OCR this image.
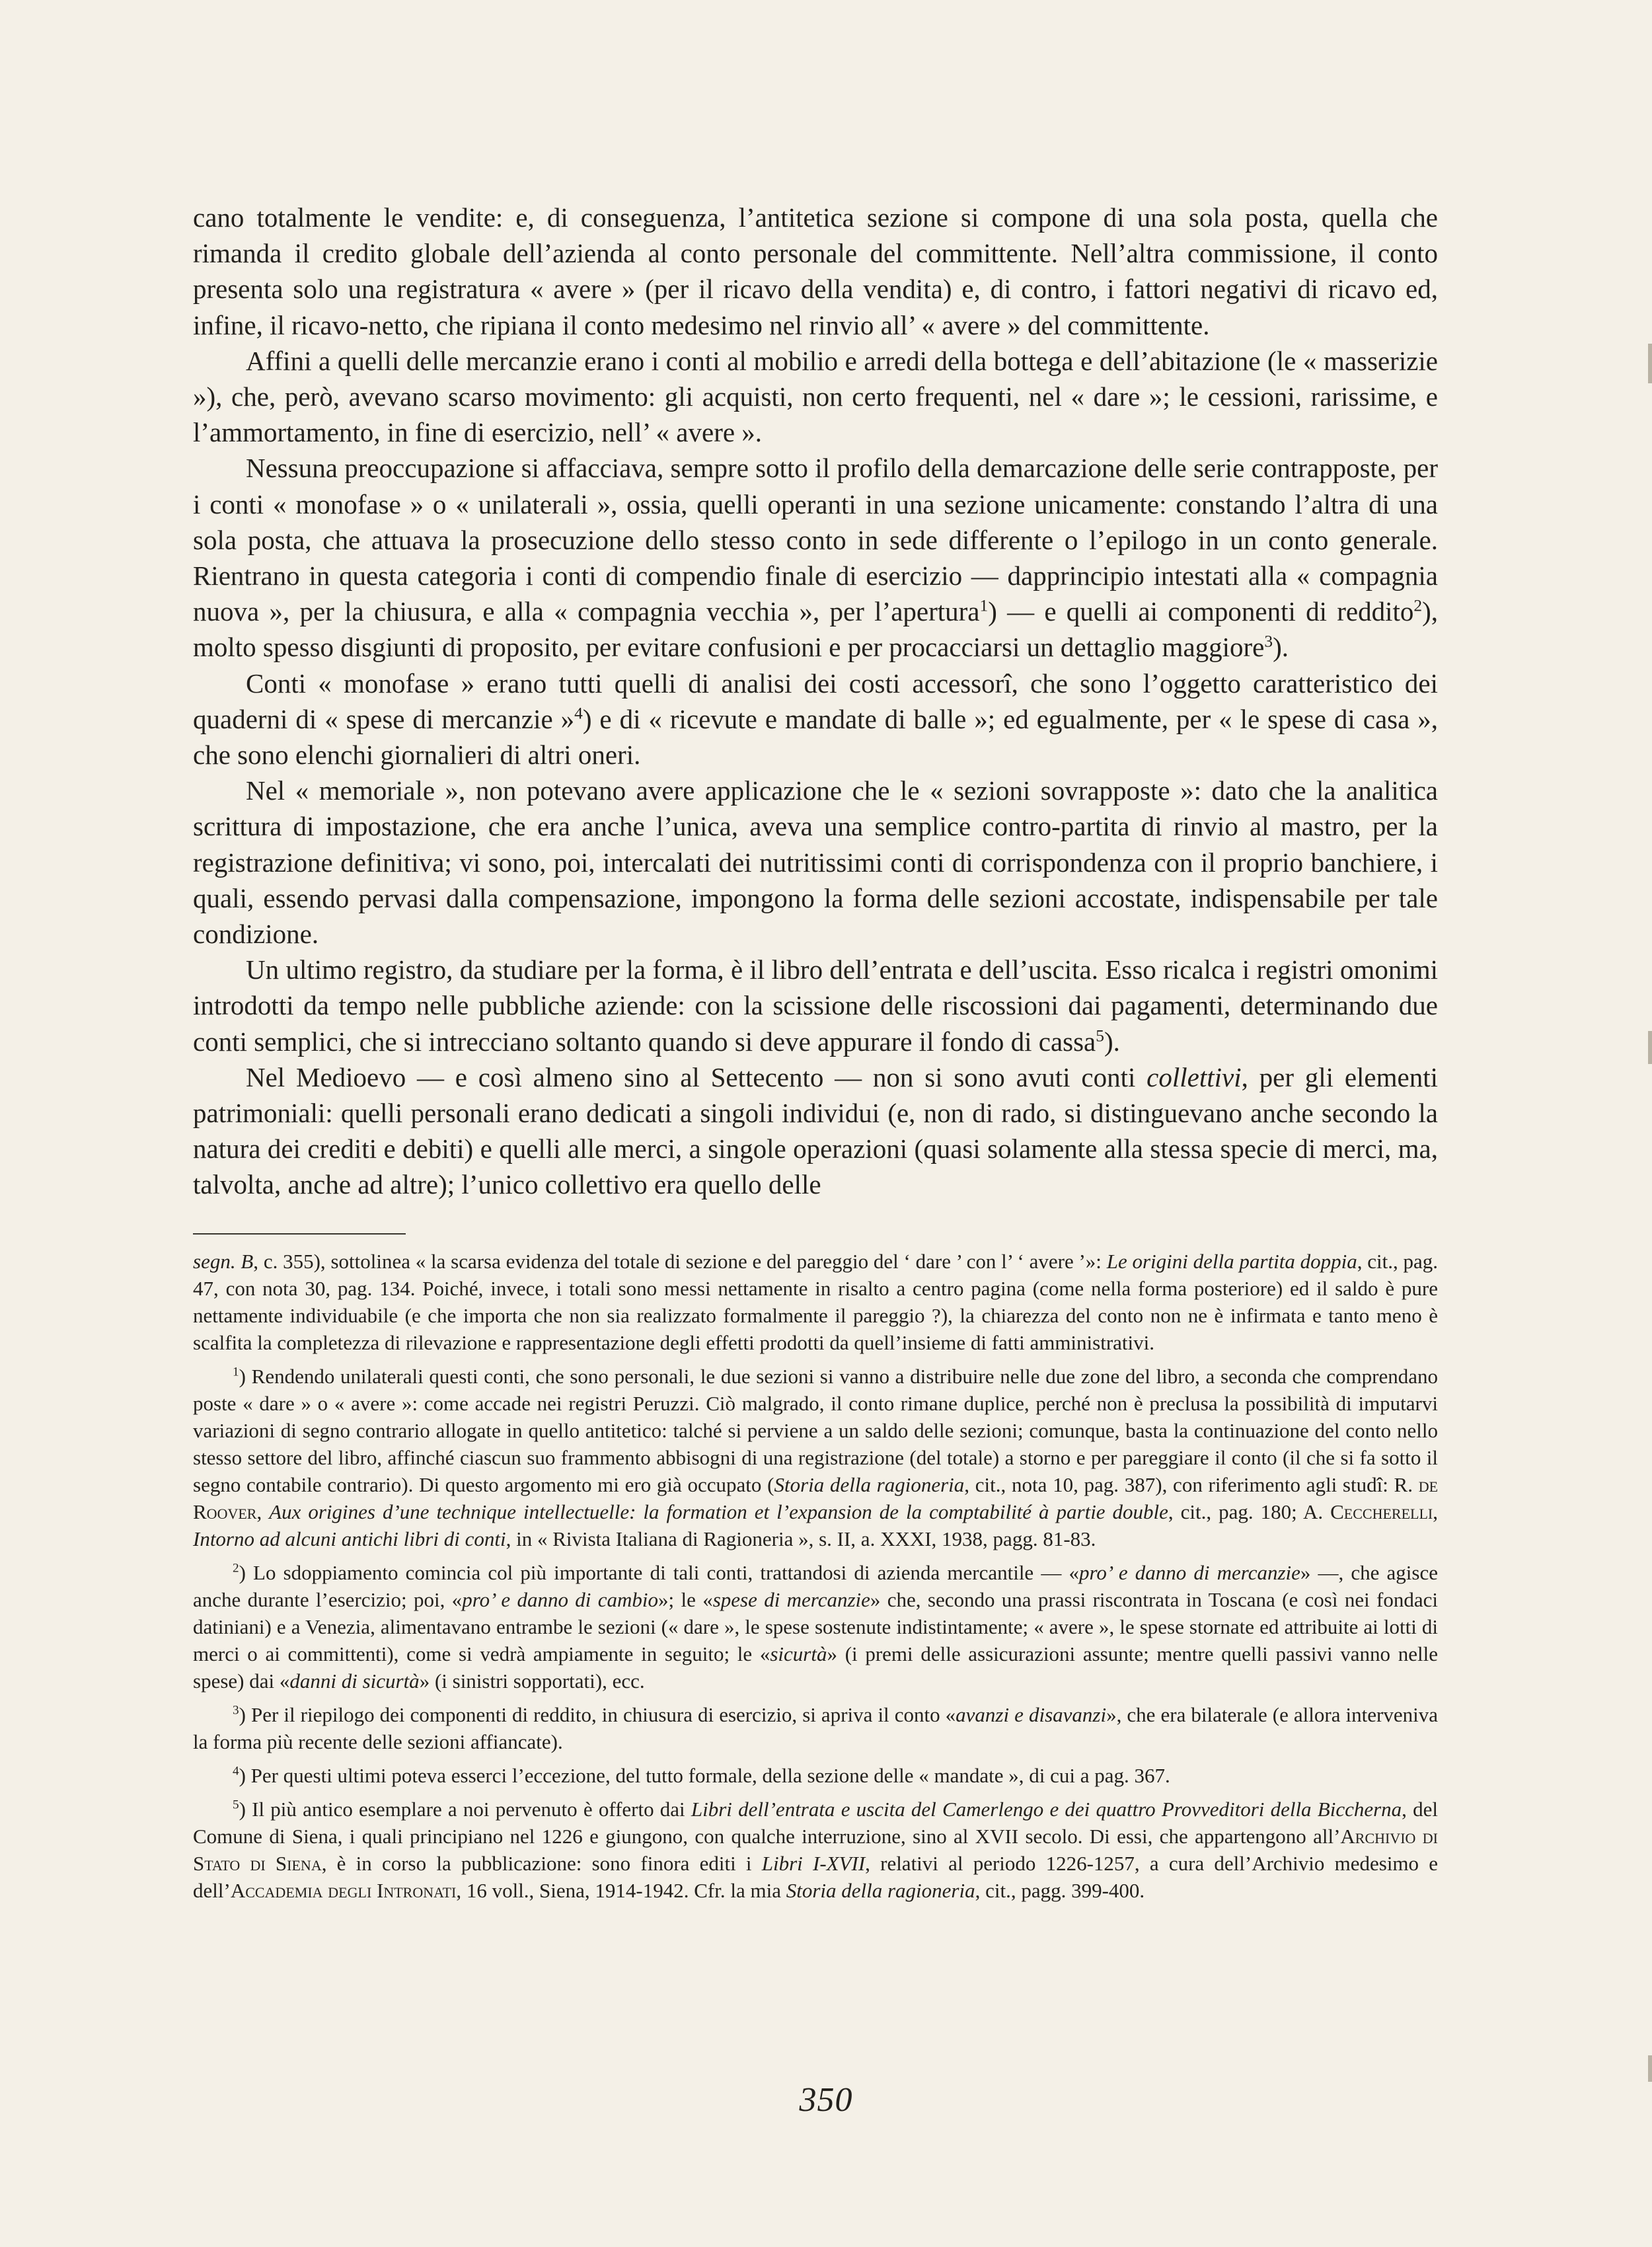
cano totalmente le vendite: e, di conseguenza, l’antitetica sezione si compone di una sola posta, quella che rimanda il credito globale dell’azienda al conto personale del committente. Nell’altra commissione, il conto presenta solo una registratura « avere » (per il ricavo della vendita) e, di contro, i fattori negativi di ricavo ed, infine, il ricavo-netto, che ripiana il conto medesimo nel rinvio all’ « avere » del committente.

Affini a quelli delle mercanzie erano i conti al mobilio e arredi della bottega e dell’abitazione (le « masserizie »), che, però, avevano scarso movimento: gli acquisti, non certo frequenti, nel « dare »; le cessioni, rarissime, e l’ammortamento, in fine di esercizio, nell’ « avere ».

Nessuna preoccupazione si affacciava, sempre sotto il profilo della demarcazione delle serie contrapposte, per i conti « monofase » o « unilaterali », ossia, quelli operanti in una sezione unicamente: constando l’altra di una sola posta, che attuava la prosecuzione dello stesso conto in sede differente o l’epilogo in un conto generale. Rientrano in questa categoria i conti di compendio finale di esercizio — dapprincipio intestati alla « compagnia nuova », per la chiusura, e alla « compagnia vecchia », per l’apertura$^1$) — e quelli ai componenti di reddito$^2$), molto spesso disgiunti di proposito, per evitare confusioni e per procacciarsi un dettaglio maggiore$^3$).

Conti « monofase » erano tutti quelli di analisi dei costi accessorî, che sono l’oggetto caratteristico dei quaderni di « spese di mercanzie »$^4$) e di « ricevute e mandate di balle »; ed egualmente, per « le spese di casa », che sono elenchi giornalieri di altri oneri.

Nel « memoriale », non potevano avere applicazione che le « sezioni sovrapposte »: dato che la analitica scrittura di impostazione, che era anche l’unica, aveva una semplice contro-partita di rinvio al mastro, per la registrazione definitiva; vi sono, poi, intercalati dei nutritissimi conti di corrispondenza con il proprio banchiere, i quali, essendo pervasi dalla compensazione, impongono la forma delle sezioni accostate, indispensabile per tale condizione.

Un ultimo registro, da studiare per la forma, è il libro dell’entrata e dell’uscita. Esso ricalca i registri omonimi introdotti da tempo nelle pubbliche aziende: con la scissione delle riscossioni dai pagamenti, determinando due conti semplici, che si intrecciano soltanto quando si deve appurare il fondo di cassa$^5$).

Nel Medioevo — e così almeno sino al Settecento — non si sono avuti conti collettivi, per gli elementi patrimoniali: quelli personali erano dedicati a singoli individui (e, non di rado, si distinguevano anche secondo la natura dei crediti e debiti) e quelli alle merci, a singole operazioni (quasi solamente alla stessa specie di merci, ma, talvolta, anche ad altre); l’unico collettivo era quello delle

segn. B, c. 355), sottolinea « la scarsa evidenza del totale di sezione e del pareggio del ‘ dare ’ con l’ ‘ avere ’»: Le origini della partita doppia, cit., pag. 47, con nota 30, pag. 134. Poiché, invece, i totali sono messi nettamente in risalto a centro pagina (come nella forma posteriore) ed il saldo è pure nettamente individuabile (e che importa che non sia realizzato formalmente il pareggio ?), la chiarezza del conto non ne è infirmata e tanto meno è scalfita la completezza di rilevazione e rappresentazione degli effetti prodotti da quell’insieme di fatti amministrativi.

$^1$) Rendendo unilaterali questi conti, che sono personali, le due sezioni si vanno a distribuire nelle due zone del libro, a seconda che comprendano poste « dare » o « avere »: come accade nei registri Peruzzi. Ciò malgrado, il conto rimane duplice, perché non è preclusa la possibilità di imputarvi variazioni di segno contrario allogate in quello antitetico: talché si perviene a un saldo delle sezioni; comunque, basta la continuazione del conto nello stesso settore del libro, affinché ciascun suo frammento abbisogni di una registrazione (del totale) a storno e per pareggiare il conto (il che si fa sotto il segno contabile contrario). Di questo argomento mi ero già occupato (Storia della ragioneria, cit., nota 10, pag. 387), con riferimento agli studî: R. de Roover, Aux origines d’une technique intellectuelle: la formation et l’expansion de la comptabilité à partie double, cit., pag. 180; A. Ceccherelli, Intorno ad alcuni antichi libri di conti, in « Rivista Italiana di Ragioneria », s. II, a. XXXI, 1938, pagg. 81-83.

$^2$) Lo sdoppiamento comincia col più importante di tali conti, trattandosi di azienda mercantile — «pro’ e danno di mercanzie» —, che agisce anche durante l’esercizio; poi, «pro’ e danno di cambio»; le «spese di mercanzie» che, secondo una prassi riscontrata in Toscana (e così nei fondaci datiniani) e a Venezia, alimentavano entrambe le sezioni (« dare », le spese sostenute indistintamente; « avere », le spese stornate ed attribuite ai lotti di merci o ai committenti), come si vedrà ampiamente in seguito; le «sicurtà» (i premi delle assicurazioni assunte; mentre quelli passivi vanno nelle spese) dai «danni di sicurtà» (i sinistri sopportati), ecc.

$^3$) Per il riepilogo dei componenti di reddito, in chiusura di esercizio, si apriva il conto «avanzi e disavanzi», che era bilaterale (e allora interveniva la forma più recente delle sezioni affiancate).

$^4$) Per questi ultimi poteva esserci l’eccezione, del tutto formale, della sezione delle « mandate », di cui a pag. 367.

$^5$) Il più antico esemplare a noi pervenuto è offerto dai Libri dell’entrata e uscita del Camerlengo e dei quattro Provveditori della Biccherna, del Comune di Siena, i quali principiano nel 1226 e giungono, con qualche interruzione, sino al XVII secolo. Di essi, che appartengono all’Archivio di Stato di Siena, è in corso la pubblicazione: sono finora editi i Libri I-XVII, relativi al periodo 1226-1257, a cura dell’Archivio medesimo e dell’Accademia degli Intronati, 16 voll., Siena, 1914-1942. Cfr. la mia Storia della ragioneria, cit., pagg. 399-400.

350
